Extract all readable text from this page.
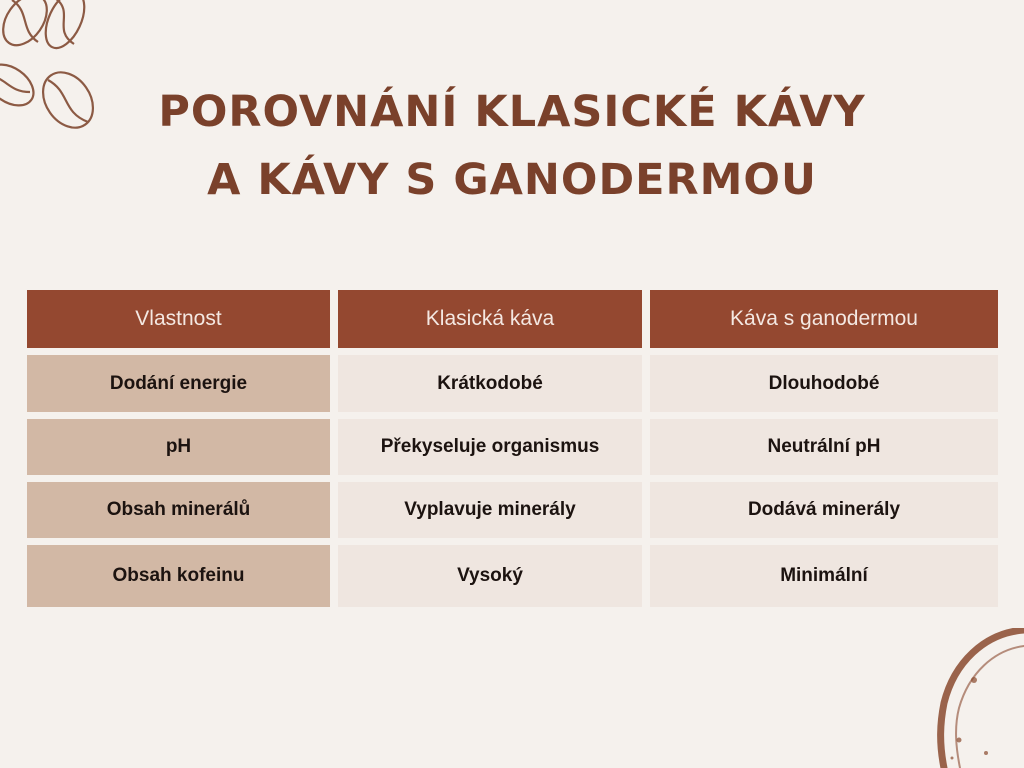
POROVNÁNÍ KLASICKÉ KÁVY
A KÁVY S GANODERMOU
Vlastnost	Klasická káva	Káva s ganodermou
Dodání energie	Krátkodobé	Dlouhodobé
pH	Překyseluje organismus	Neutrální pH
Obsah minerálů	Vyplavuje minerály	Dodává minerály
Obsah kofeinu	Vysoký	Minimální
